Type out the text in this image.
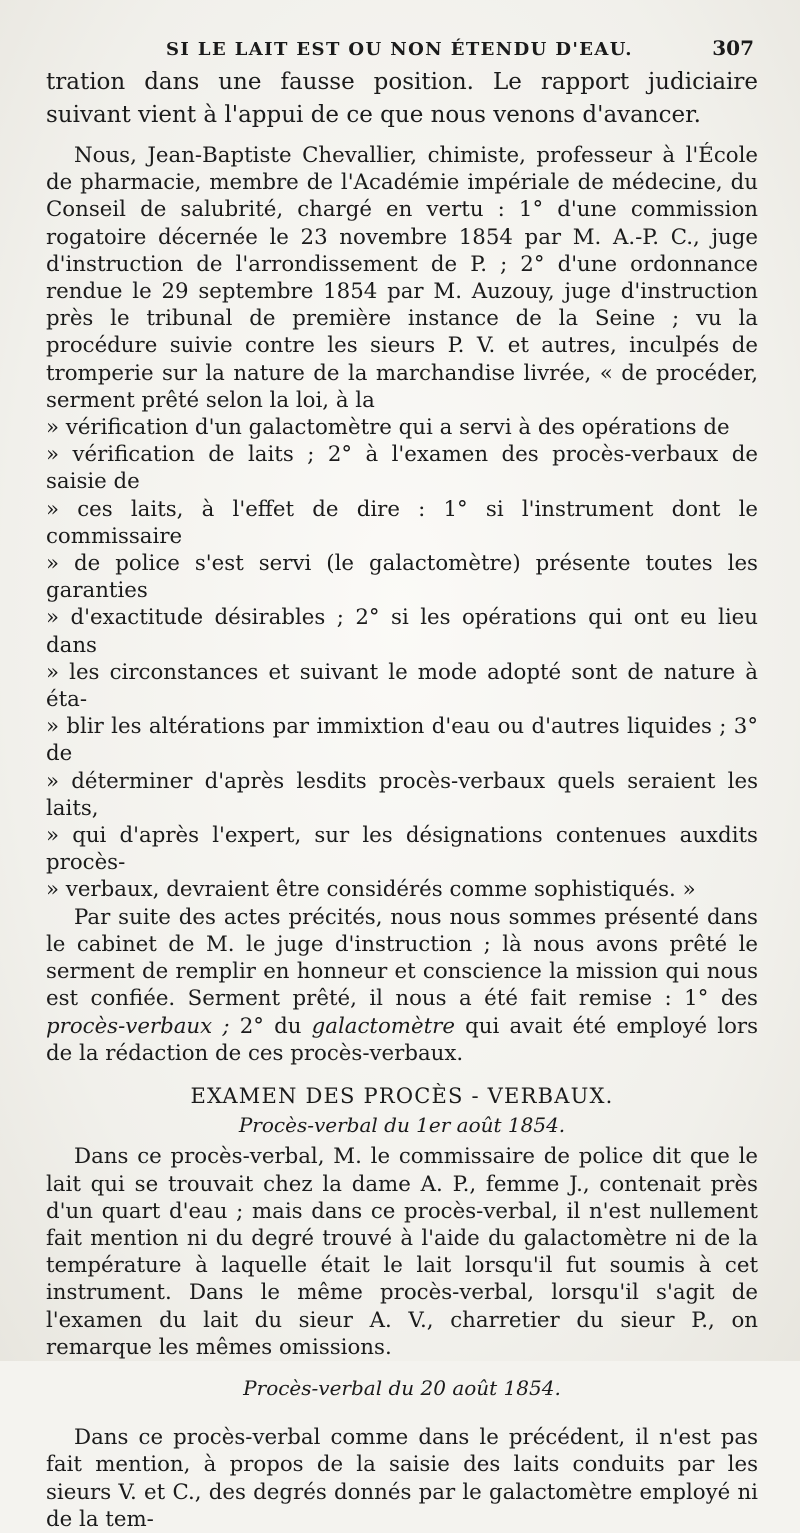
SI LE LAIT EST OU NON ÉTENDU D'EAU.	307

tration dans une fausse position. Le rapport judiciaire suivant vient à l'appui de ce que nous venons d'avancer.

Nous, Jean-Baptiste Chevallier, chimiste, professeur à l'École de pharmacie, membre de l'Académie impériale de médecine, du Conseil de salubrité, chargé en vertu : 1° d'une commission rogatoire décernée le 23 novembre 1854 par M. A.-P. C., juge d'instruction de l'arrondissement de P. ; 2° d'une ordonnance rendue le 29 septembre 1854 par M. Auzouy, juge d'instruction près le tribunal de première instance de la Seine ; vu la procédure suivie contre les sieurs P. V. et autres, inculpés de tromperie sur la nature de la marchandise livrée, « de procéder, serment prêté selon la loi, à la

» vérification d'un galactomètre qui a servi à des opérations de
» vérification de laits ; 2° à l'examen des procès-verbaux de saisie de
» ces laits, à l'effet de dire : 1° si l'instrument dont le commissaire
» de police s'est servi (le galactomètre) présente toutes les garanties
» d'exactitude désirables ; 2° si les opérations qui ont eu lieu dans
» les circonstances et suivant le mode adopté sont de nature à éta-
» blir les altérations par immixtion d'eau ou d'autres liquides ; 3° de
» déterminer d'après lesdits procès-verbaux quels seraient les laits,
» qui d'après l'expert, sur les désignations contenues auxdits procès-
» verbaux, devraient être considérés comme sophistiqués. »

Par suite des actes précités, nous nous sommes présenté dans le cabinet de M. le juge d'instruction ; là nous avons prêté le serment de remplir en honneur et conscience la mission qui nous est confiée. Serment prêté, il nous a été fait remise : 1° des procès-verbaux ; 2° du galactomètre qui avait été employé lors de la rédaction de ces procès-verbaux.

EXAMEN DES PROCÈS - VERBAUX.
Procès-verbal du 1er août 1854.

Dans ce procès-verbal, M. le commissaire de police dit que le lait qui se trouvait chez la dame A. P., femme J., contenait près d'un quart d'eau ; mais dans ce procès-verbal, il n'est nullement fait mention ni du degré trouvé à l'aide du galactomètre ni de la température à laquelle était le lait lorsqu'il fut soumis à cet instrument. Dans le même procès-verbal, lorsqu'il s'agit de l'examen du lait du sieur A. V., charretier du sieur P., on remarque les mêmes omissions.

Procès-verbal du 20 août 1854.

Dans ce procès-verbal comme dans le précédent, il n'est pas fait mention, à propos de la saisie des laits conduits par les sieurs V. et C., des degrés donnés par le galactomètre employé ni de la tem-
